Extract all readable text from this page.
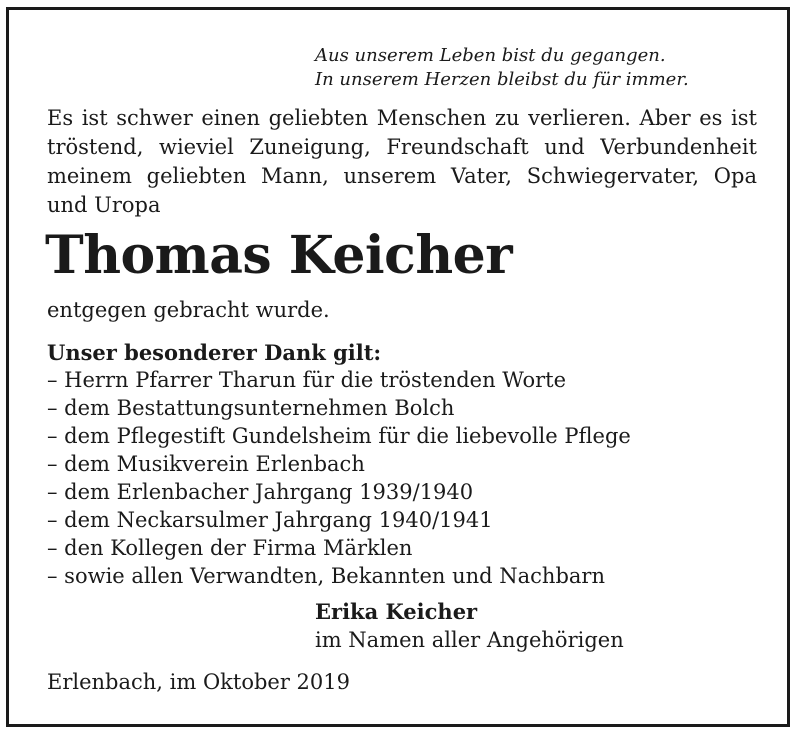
Aus unserem Leben bist du gegangen.
In unserem Herzen bleibst du für immer.
Es ist schwer einen geliebten Menschen zu verlieren. Aber es ist
tröstend, wieviel Zuneigung, Freundschaft und Verbundenheit
meinem geliebten Mann, unserem Vater, Schwiegervater, Opa
und Uropa
Thomas Keicher
entgegen gebracht wurde.
Unser besonderer Dank gilt:
– Herrn Pfarrer Tharun für die tröstenden Worte
– dem Bestattungsunternehmen Bolch
– dem Pflegestift Gundelsheim für die liebevolle Pflege
– dem Musikverein Erlenbach
– dem Erlenbacher Jahrgang 1939/1940
– dem Neckarsulmer Jahrgang 1940/1941
– den Kollegen der Firma Märklen
– sowie allen Verwandten, Bekannten und Nachbarn
Erika Keicher
im Namen aller Angehörigen
Erlenbach, im Oktober 2019
